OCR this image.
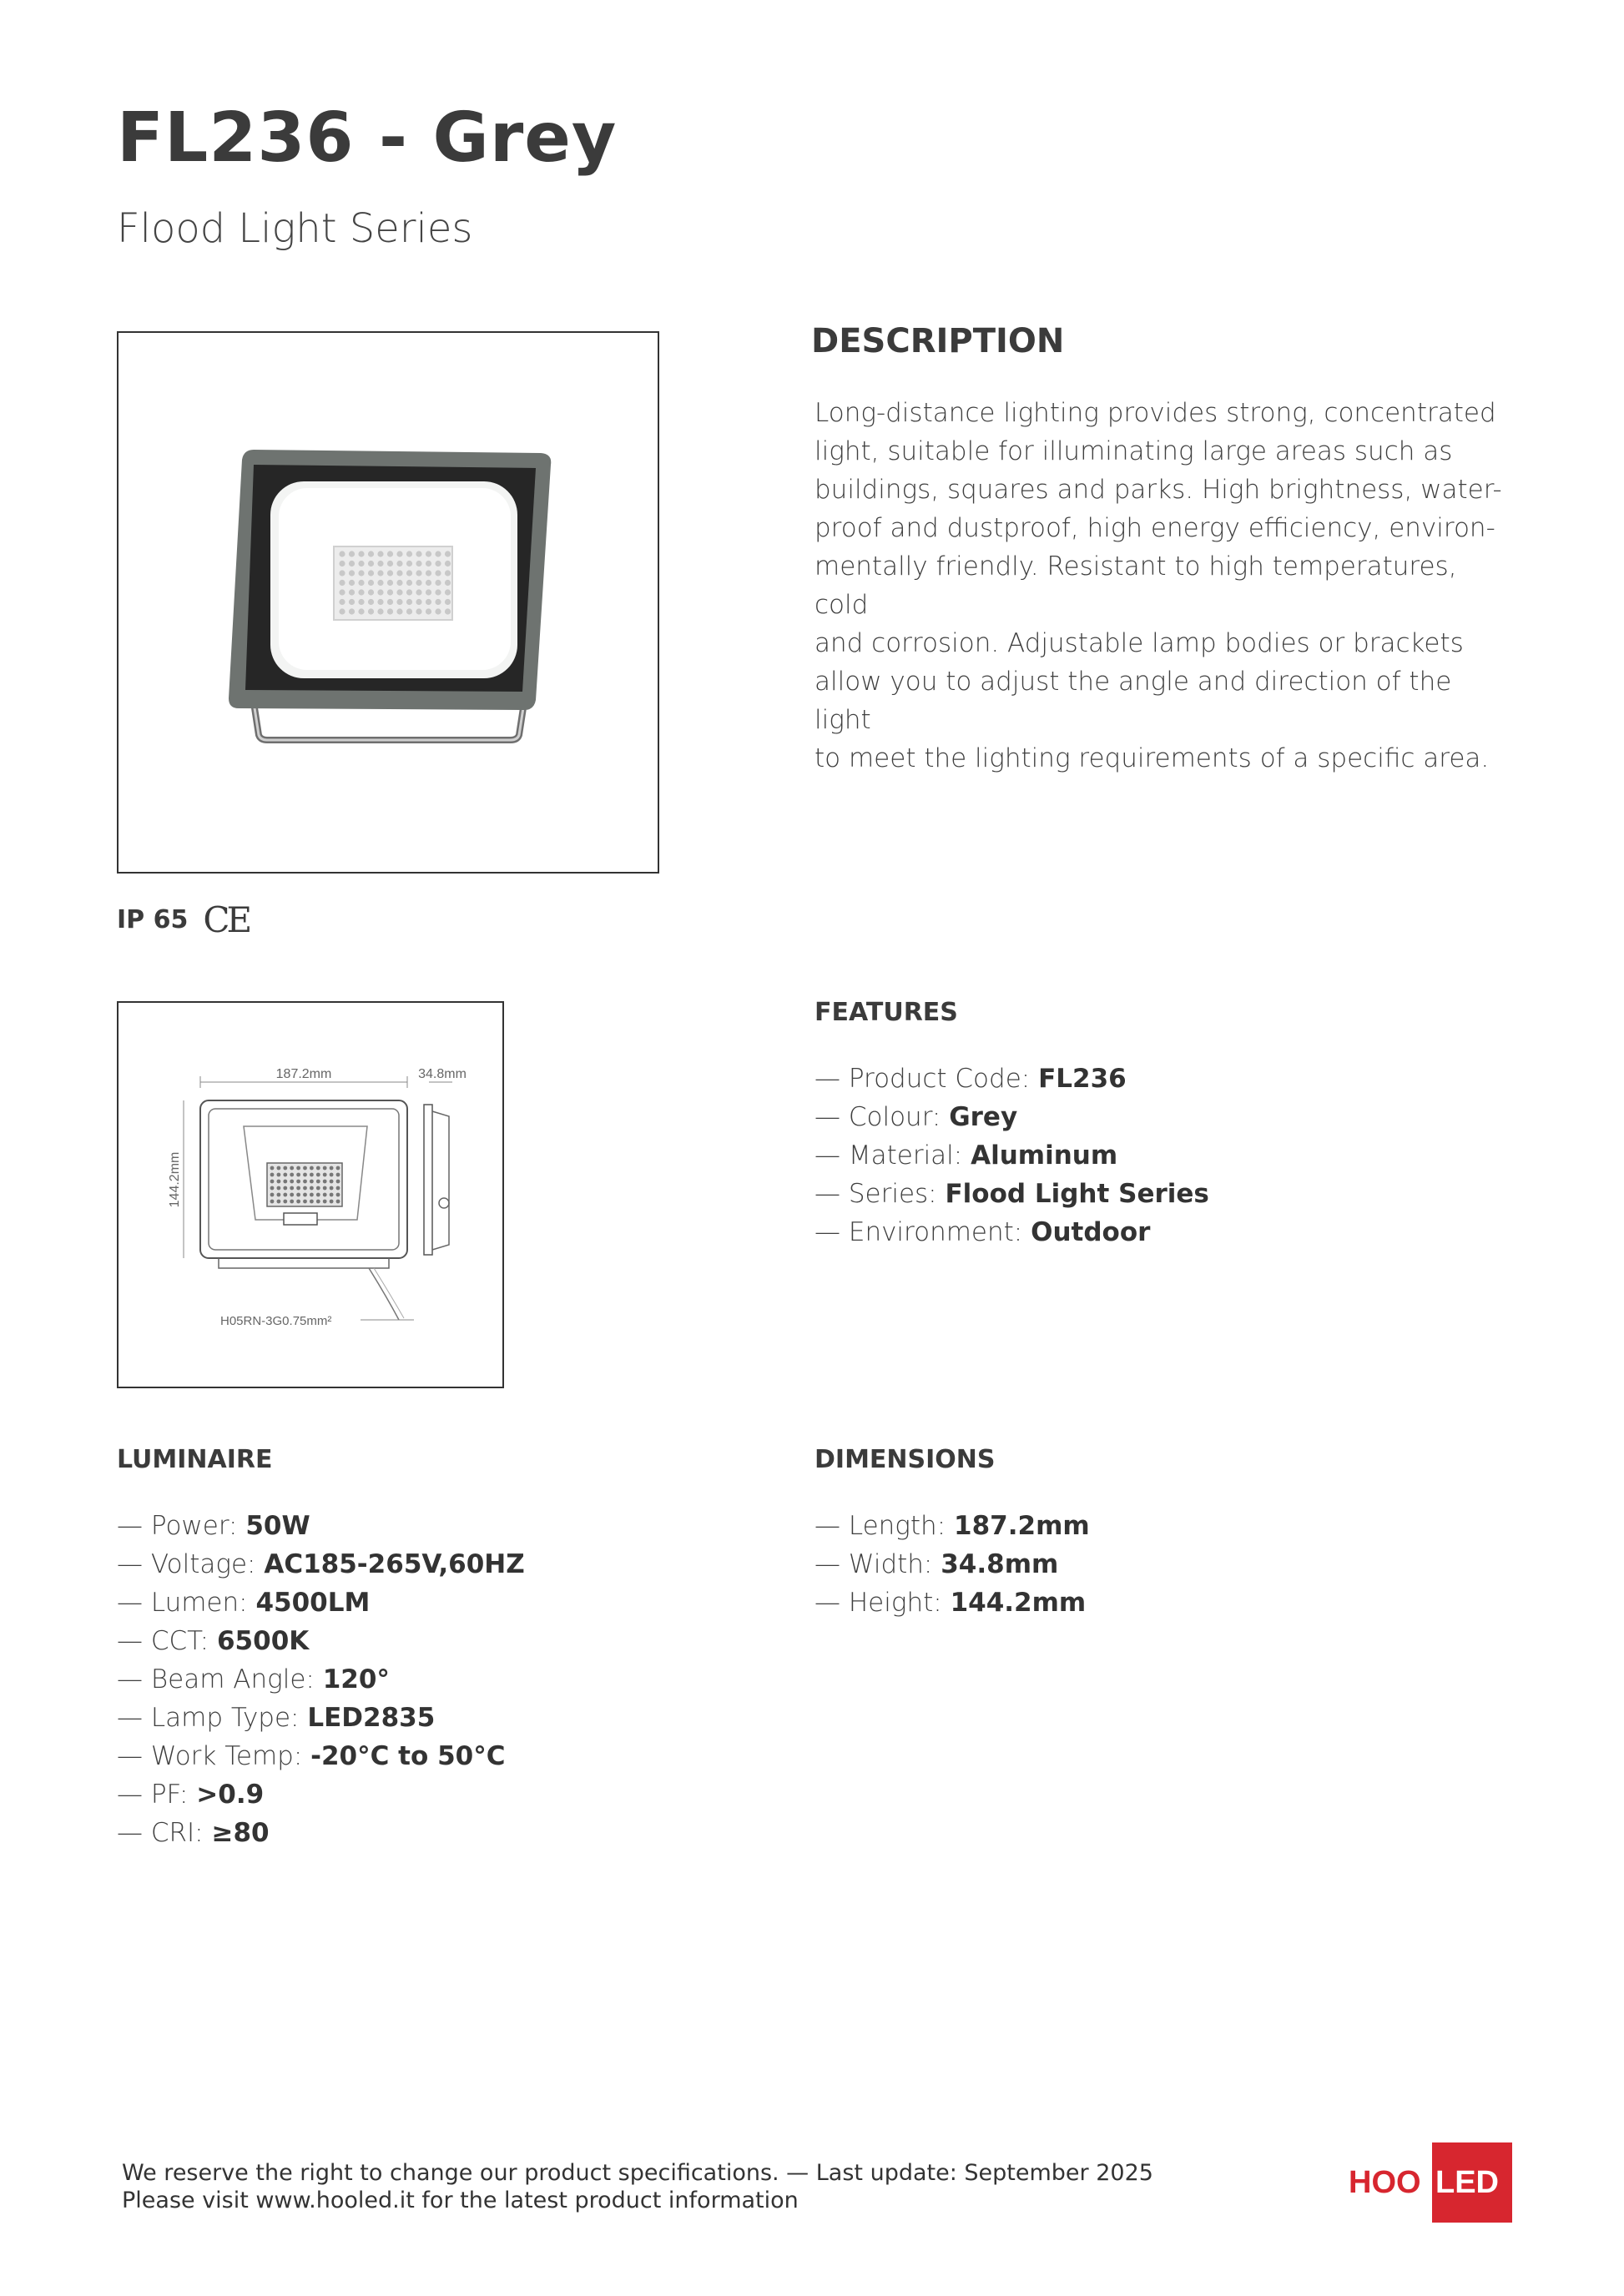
FL236 - Grey
Flood Light Series
IP 65 CE
187.2mm	34.8mm
144.2mm
H05RN-3G0.75mm²
DESCRIPTION
Long-distance lighting provides strong, concentrated
light, suitable for illuminating large areas such as
buildings, squares and parks. High brightness, water-
proof and dustproof, high energy efficiency, environ-
mentally friendly. Resistant to high temperatures, cold
and corrosion. Adjustable lamp bodies or brackets
allow you to adjust the angle and direction of the light
to meet the lighting requirements of a specific area.
FEATURES
— Product Code: FL236
— Colour: Grey
— Material: Aluminum
— Series: Flood Light Series
— Environment: Outdoor
LUMINAIRE
— Power: 50W
— Voltage: AC185-265V,60HZ
— Lumen: 4500LM
— CCT: 6500K
— Beam Angle: 120°
— Lamp Type: LED2835
— Work Temp: -20°C to 50°C
— PF: >0.9
— CRI: ≥80
DIMENSIONS
— Length: 187.2mm
— Width: 34.8mm
— Height: 144.2mm
We reserve the right to change our product specifications. — Last update: September 2025
Please visit www.hooled.it for the latest product information
HOO LED
